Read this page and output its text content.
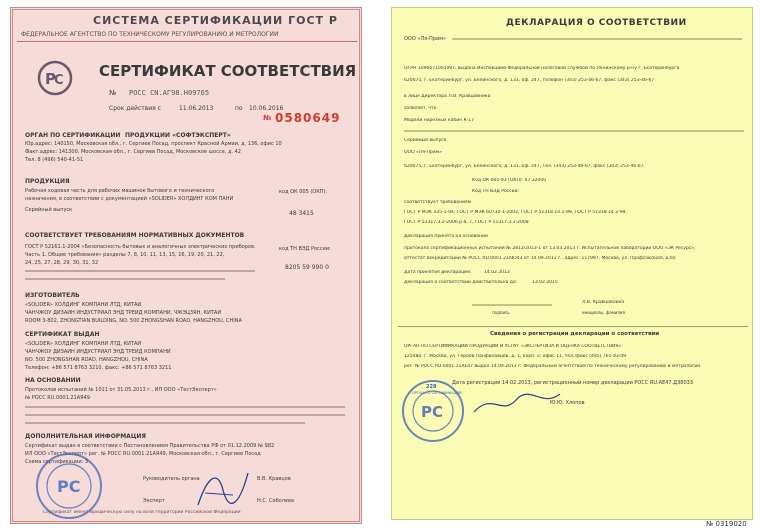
СИСТЕМА СЕРТИФИКАЦИИ ГОСТ Р
ФЕДЕРАЛЬНОЕ АГЕНТСТВО ПО ТЕХНИЧЕСКОМУ РЕГУЛИРОВАНИЮ И МЕТРОЛОГИИ
Р
С
СЕРТИФИКАТ СООТВЕТСТВИЯ
№ РОСС CN.АГ98.Н09765
Срок действия с	11.06.2013	по 10.06.2016
№ 0580649
ОРГАН ПО СЕРТИФИКАЦИИ ПРОДУКЦИИ «СОФТЭКСПЕРТ»
Юр.адрес: 140150, Московская обл., г. Сергиев Посад, проспект Красной Армии, д. 136, офис 10
Факт.адрес: 141300, Московская обл., г. Сергиев Посад, Московское шоссе, д. 42
Тел. 8 (496) 540-41-51
ПРОДУКЦИЯ
Рабочая ходовая часть для рабочих машинок бытового и технического
назначения, в соответствии с документацией «SOLIDER» ХОЛДИНГ КОМ ПАНИ
Серийный выпуск
код ОК 005 (ОКП):
48 3415
СООТВЕТСТВУЕТ ТРЕБОВАНИЯМ НОРМАТИВНЫХ ДОКУМЕНТОВ
ГОСТ Р 52161.1-2004 «Безопасность бытовых и аналогичных электрических приборов.
Часть 1. Общие требования» разделы 7, 8, 10, 11, 13, 15, 16, 19, 20, 21, 22,
24, 25, 27, 28, 29, 30, 31, 32
код ТН ВЭД России:
8205 59 990 0
ИЗГОТОВИТЕЛЬ
«SOLIDER» ХОЛДИНГ КОМПАНИ ЛТД, КИТАЙ
ЧАНЧЖОУ ДИЗАЙН ИНДУСТРИАЛ ЭНД ТРЕЙД КОМПАНИ, ЧЖЭЦЗЯН, КИТАЙ
ROOM 3-802, ZHONGTIAN BUILDING, NO. 500 ZHONGSHAN ROAD, HANGZHOU, CHINA
СЕРТИФИКАТ ВЫДАН
«SOLIDER» ХОЛДИНГ КОМПАНИ ЛТД, КИТАЙ
ЧАНЧЖОУ ДИЗАЙН ИНДУСТРИАЛ ЭНД ТРЕЙД КОМПАНИ
NO. 500 ZHONGSHAN ROAD, HANGZHOU, CHINA
Телефон: +86 571 8763 3210, факс: +86 571 8763 3211
НА ОСНОВАНИИ
Протоколов испытаний № 1011 от 31.05.2013 г., ИЛ ООО «ТестЭксперт»
№ РОСС RU.0001.21АЯ49
ДОПОЛНИТЕЛЬНАЯ ИНФОРМАЦИЯ
Сертификат выдан в соответствии с Постановлением Правительства РФ от 01.12.2009 № 982
ИЛ ООО «ТестЭксперт» рег. № РОСС RU.0001.21АЯ49, Московская обл., г. Сергиев Посад
Схема сертификации: 3
РС	Руководитель органа	В.В. Кравцов
Эксперт	Н.С. Соболева
Сертификат имеет юридическую силу на всей территории Российской Федерации
ДЕКЛАРАЦИЯ О СООТВЕТСТВИИ
ООО «Ля-Прим»
ОГРН 1096671001097, выдана Инспекцией Федеральной налоговой службой по Ленинскому р-ну г. Екатеринбурга
620075, г. Екатеринбург, ул. Белинского, д. 131, оф. 247, телефон (343) 253-46-67, факс (343) 253-46-67
в лице Директора Л.В. Кравцовника
заявляет, что
Модели нарезных кабин К-17
Серийный выпуск
ООО «Ля-Прим»
620075, г. Екатеринбург, ул. Белинского, д. 131, оф. 247, Тел. (343) 253-46-67, факс (343) 253-46-67
Код ОК 005-93 (ОКП): 47 32000
Код ТН ВЭД России:
соответствует требованиям
ГОСТ Р МЭК 335-1-94, ГОСТ Р МЭК 60730-1-2002, ГОСТ Р 51318.14.1-99, ГОСТ Р 51318.14.2-99,
ГОСТ Р 51317.3.2-2006 р.6, 7, ГОСТ Р 51317.3.3-2008
Декларация принята на основании
протокола сертификационных испытаний № 2812/2013-1 от 13.03.2013 г. Испытательной лаборатории ООО «ЭК Ресурс»,
аттестат аккредитации № РОСС RU.0001.21АЮ43 от 14.09.2011 г., адрес: 117997, Москва, ул. Профсоюзная, д.65
Дата принятия декларации:	14.02.2013
Декларация о соответствии действительна до:	13.02.2015
Л.В. Кравцовника
подпись	инициалы, фамилия
Сведения о регистрации декларации о соответствии
ОРГАН ПО СЕРТИФИКАЦИИ ПРОДУКЦИИ И УСЛУГ «ЭКСПЕРТИЗА И ОЦЕНКА СООТВЕТСТВИЯ»
125480, г. Москва, ул. Героев Панфиловцев, д. 1, корп. 2, офис 11, тел./факс (495) 765-93-09
рег. № РОСС RU.0001.11AE47 выдан 14.09.2011 г. Федеральным агентством по техническому регулированию и метрологии
Дата регистрации 14.02.2013, регистрационный номер декларации РОСС RU.АЕ47.Д38033
Ю.Ю. Хлопов
РС
228
ОРГАН ПО СЕРТИФИКАЦИИ
№ 0319020
